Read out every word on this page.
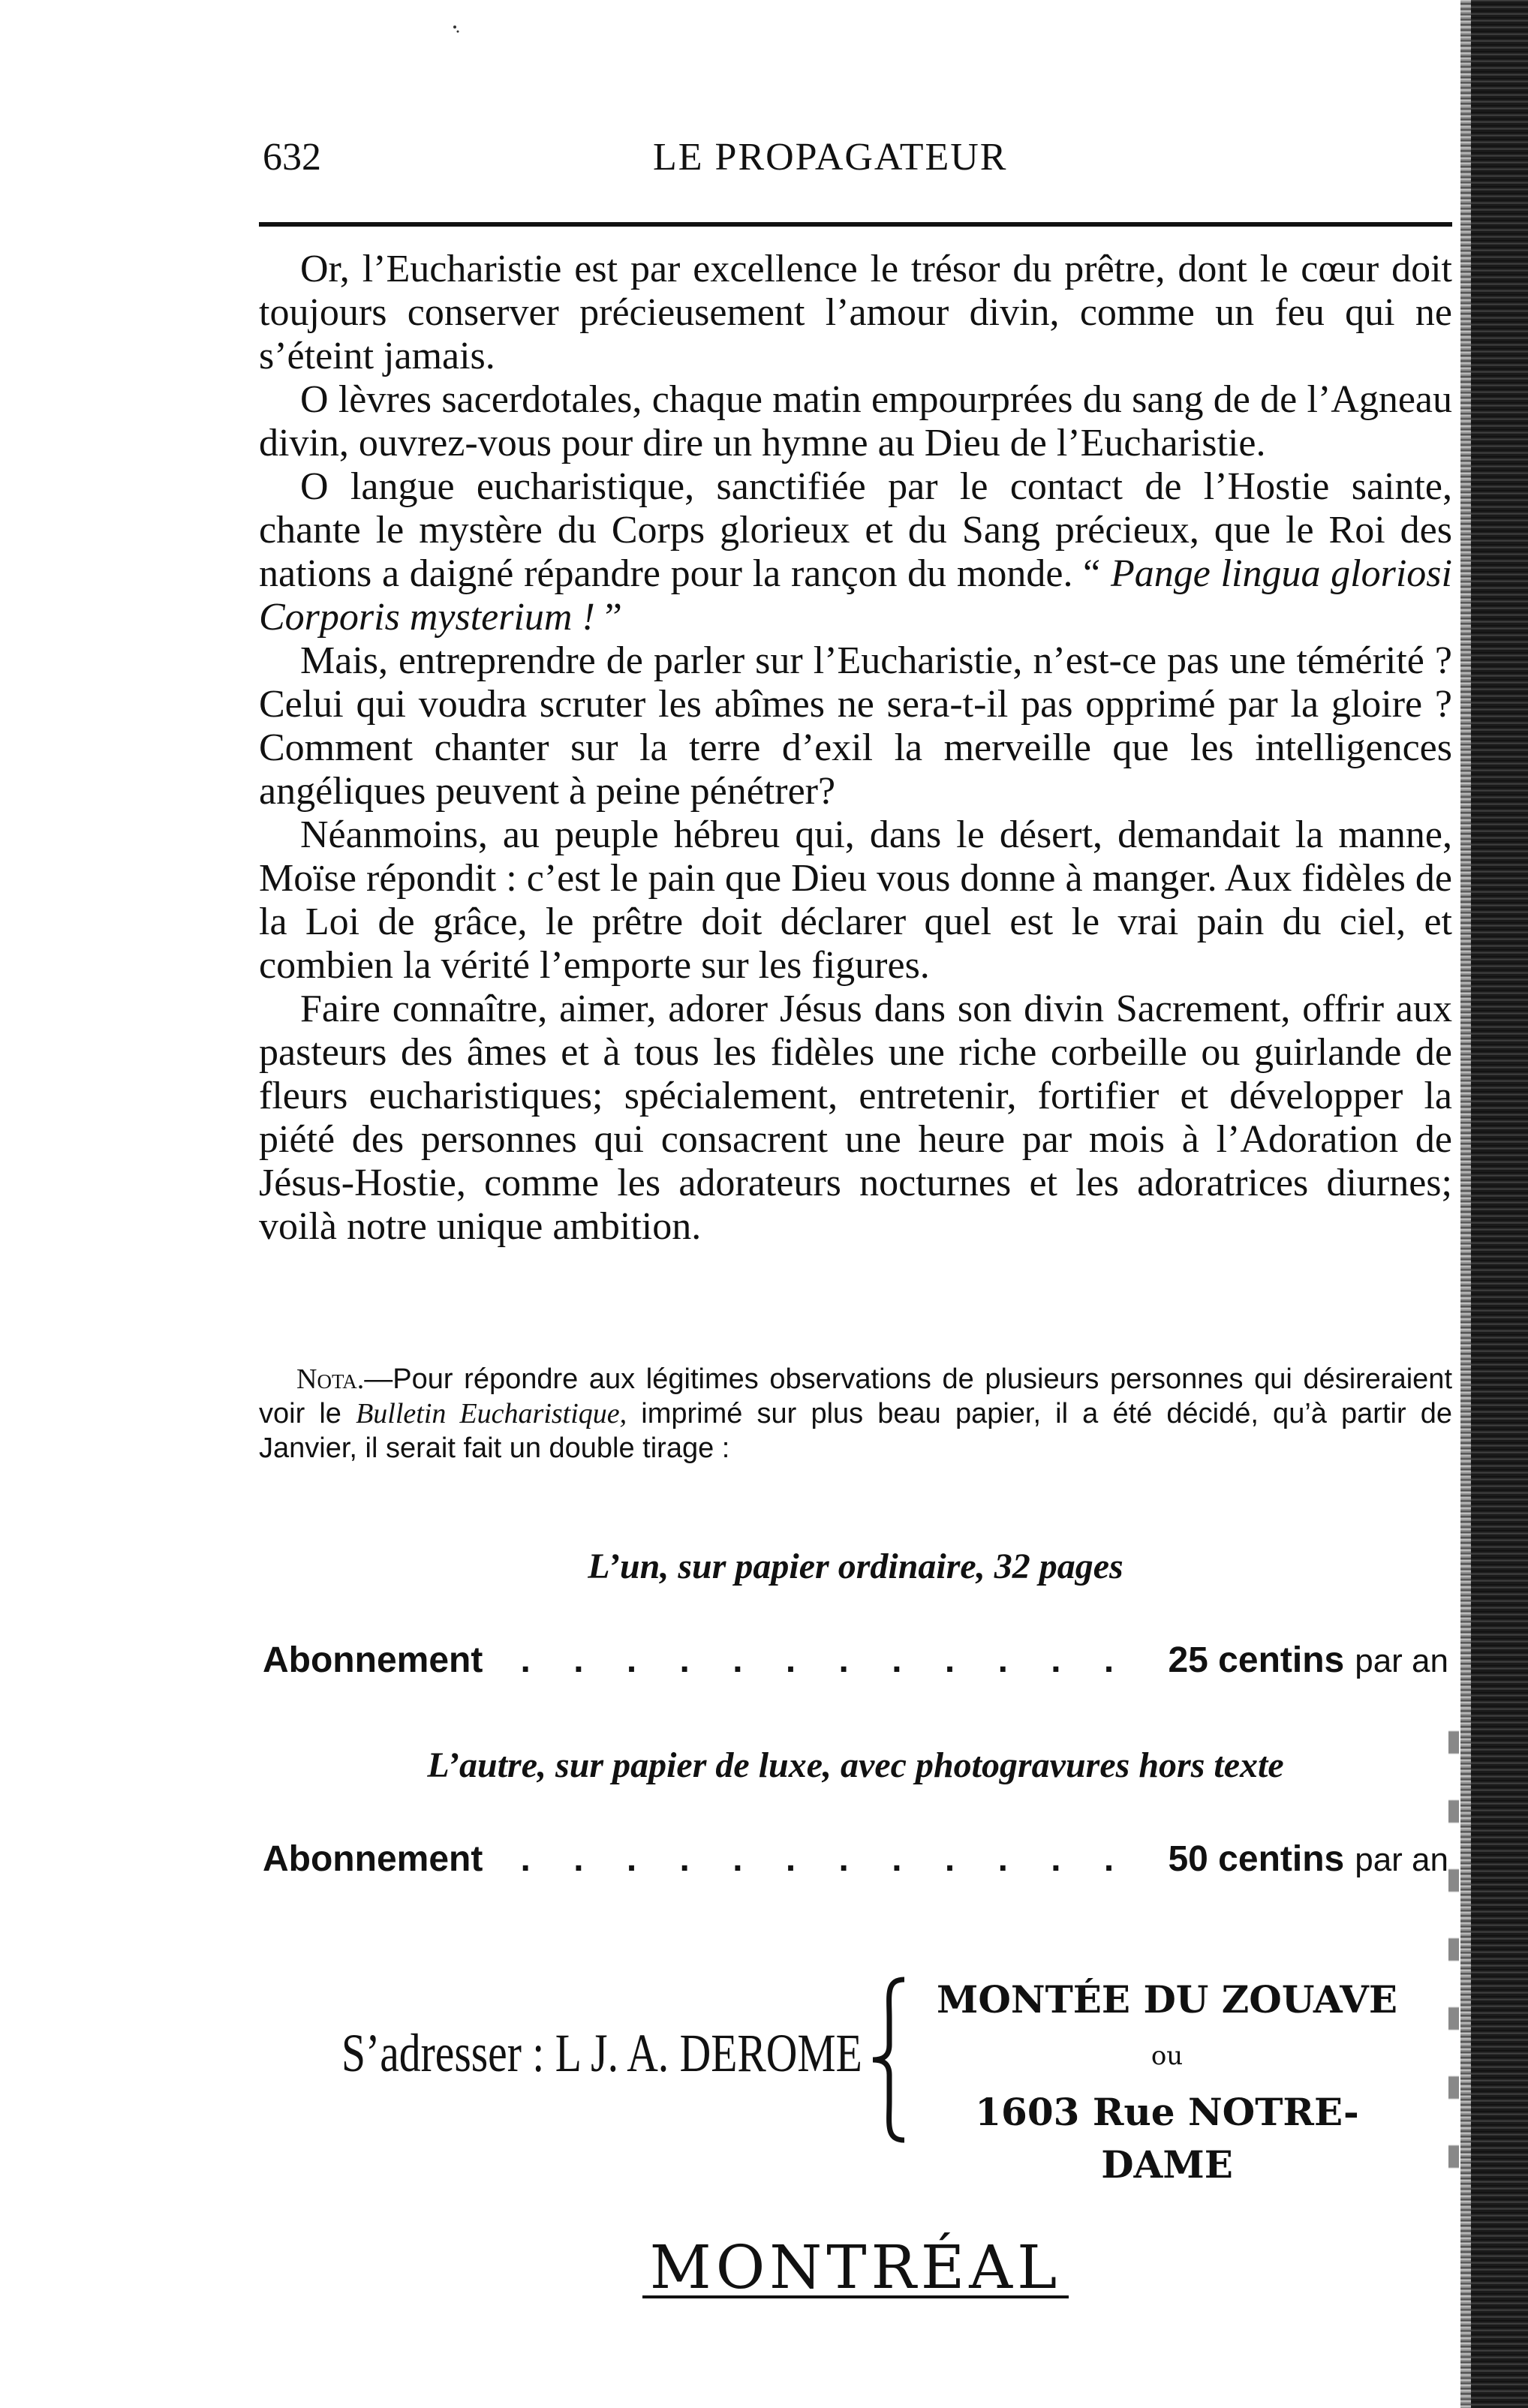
632	LE PROPAGATEUR

Or, l’Eucharistie est par excellence le trésor du prêtre, dont le cœur doit toujours conserver précieusement l’amour divin, comme un feu qui ne s’éteint jamais.

O lèvres sacerdotales, chaque matin empourprées du sang de de l’Agneau divin, ouvrez-vous pour dire un hymne au Dieu de l’Eucharistie.

O langue eucharistique, sanctifiée par le contact de l’Hostie sainte, chante le mystère du Corps glorieux et du Sang précieux, que le Roi des nations a daigné répandre pour la rançon du monde. “ Pange lingua gloriosi Corporis mysterium ! ”

Mais, entreprendre de parler sur l’Eucharistie, n’est-ce pas une témérité ? Celui qui voudra scruter les abîmes ne sera-t-il pas opprimé par la gloire ? Comment chanter sur la terre d’exil la merveille que les intelligences angéliques peuvent à peine pénétrer?

Néanmoins, au peuple hébreu qui, dans le désert, demandait la manne, Moïse répondit : c’est le pain que Dieu vous donne à manger. Aux fidèles de la Loi de grâce, le prêtre doit déclarer quel est le vrai pain du ciel, et combien la vérité l’emporte sur les figures.

Faire connaître, aimer, adorer Jésus dans son divin Sacrement, offrir aux pasteurs des âmes et à tous les fidèles une riche corbeille ou guirlande de fleurs eucharistiques; spécialement, entretenir, fortifier et développer la piété des personnes qui consacrent une heure par mois à l’Adoration de Jésus-Hostie, comme les adorateurs nocturnes et les adoratrices diurnes; voilà notre unique ambition.

Nota.—Pour répondre aux légitimes observations de plusieurs personnes qui désireraient voir le Bulletin Eucharistique, imprimé sur plus beau papier, il a été décidé, qu’à partir de Janvier, il serait fait un double tirage :
L’un, sur papier ordinaire, 32 pages
Abonnement	. . . . . . . . . . . .	25 centins par an
L’autre, sur papier de luxe, avec photogravures hors texte
Abonnement	. . . . . . . . . . . .	50 centins par an
S’adresser : L J. A. DEROME
MONTÉE DU ZOUAVE
ou
1603 Rue NOTRE-DAME
MONTRÉAL
